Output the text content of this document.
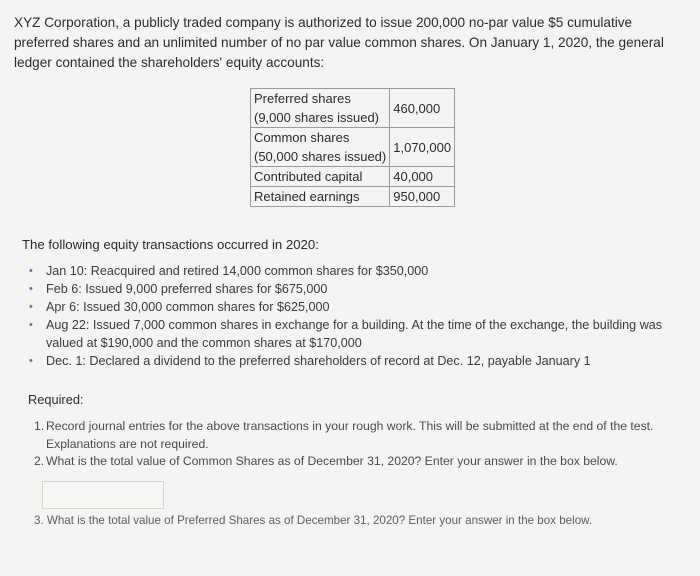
XYZ Corporation, a publicly traded company is authorized to issue 200,000 no-par value $5 cumulative preferred shares and an unlimited number of no par value common shares. On January 1, 2020, the general ledger contained the shareholders' equity accounts:
Preferred shares
(9,000 shares issued)	460,000

Common shares
(50,000 shares issued)	1,070,000

Contributed capital	40,000

Retained earnings	950,000
The following equity transactions occurred in 2020:
•	Jan 10: Reacquired and retired 14,000 common shares for $350,000
•	Feb 6: Issued 9,000 preferred shares for $675,000
•	Apr 6: Issued 30,000 common shares for $625,000
•	Aug 22: Issued 7,000 common shares in exchange for a building. At the time of the exchange, the building was valued at $190,000 and the common shares at $170,000
•	Dec. 1: Declared a dividend to the preferred shareholders of record at Dec. 12, payable January 1
Required:
1. Record journal entries for the above transactions in your rough work. This will be submitted at the end of the test. Explanations are not required.
2. What is the total value of Common Shares as of December 31, 2020? Enter your answer in the box below.
3. What is the total value of Preferred Shares as of December 31, 2020? Enter your answer in the box below.
